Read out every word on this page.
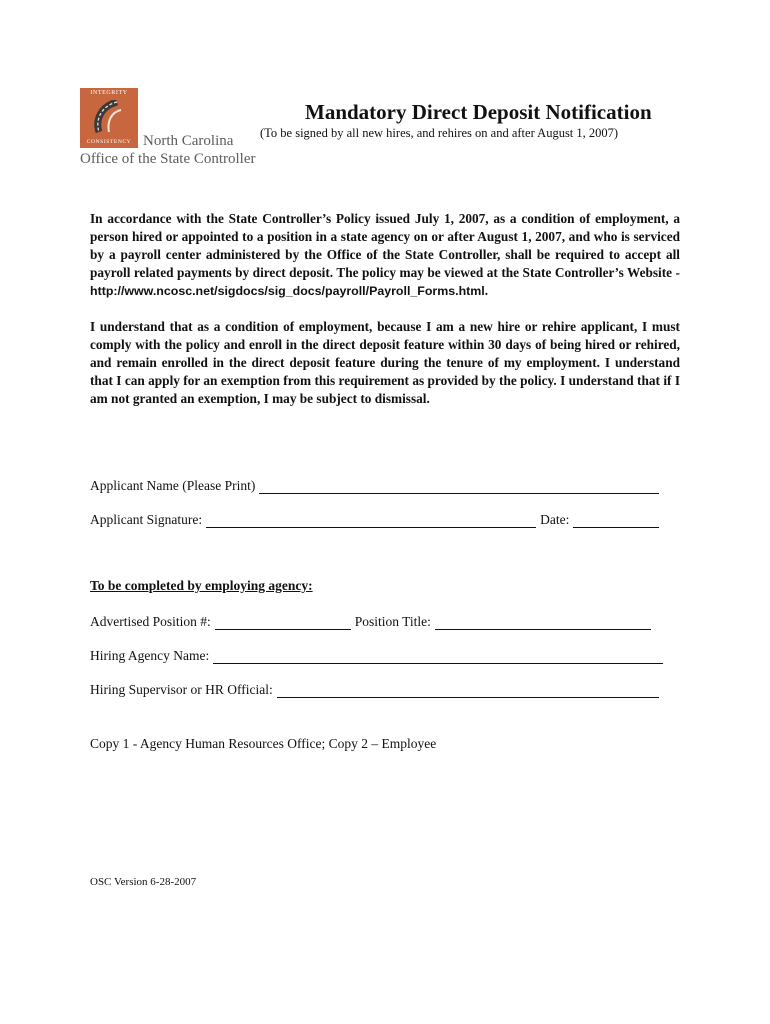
INTEGRITY
CONSISTENCY North Carolina
Office of the State Controller
Mandatory Direct Deposit Notification
(To be signed by all new hires, and rehires on and after August 1, 2007)
In accordance with the State Controller’s Policy issued July 1, 2007, as a condition of employment, a person hired or appointed to a position in a state agency on or after August 1, 2007, and who is serviced by a payroll center administered by the Office of the State Controller, shall be required to accept all payroll related payments by direct deposit. The policy may be viewed at the State Controller’s Website - http://www.ncosc.net/sigdocs/sig_docs/payroll/Payroll_Forms.html.
I understand that as a condition of employment, because I am a new hire or rehire applicant, I must comply with the policy and enroll in the direct deposit feature within 30 days of being hired or rehired, and remain enrolled in the direct deposit feature during the tenure of my employment. I understand that I can apply for an exemption from this requirement as provided by the policy. I understand that if I am not granted an exemption, I may be subject to dismissal.
Applicant Name (Please Print)
Applicant Signature:	Date:
To be completed by employing agency:
Advertised Position #:	Position Title:
Hiring Agency Name:
Hiring Supervisor or HR Official:
Copy 1 - Agency Human Resources Office; Copy 2 – Employee
OSC Version 6-28-2007
